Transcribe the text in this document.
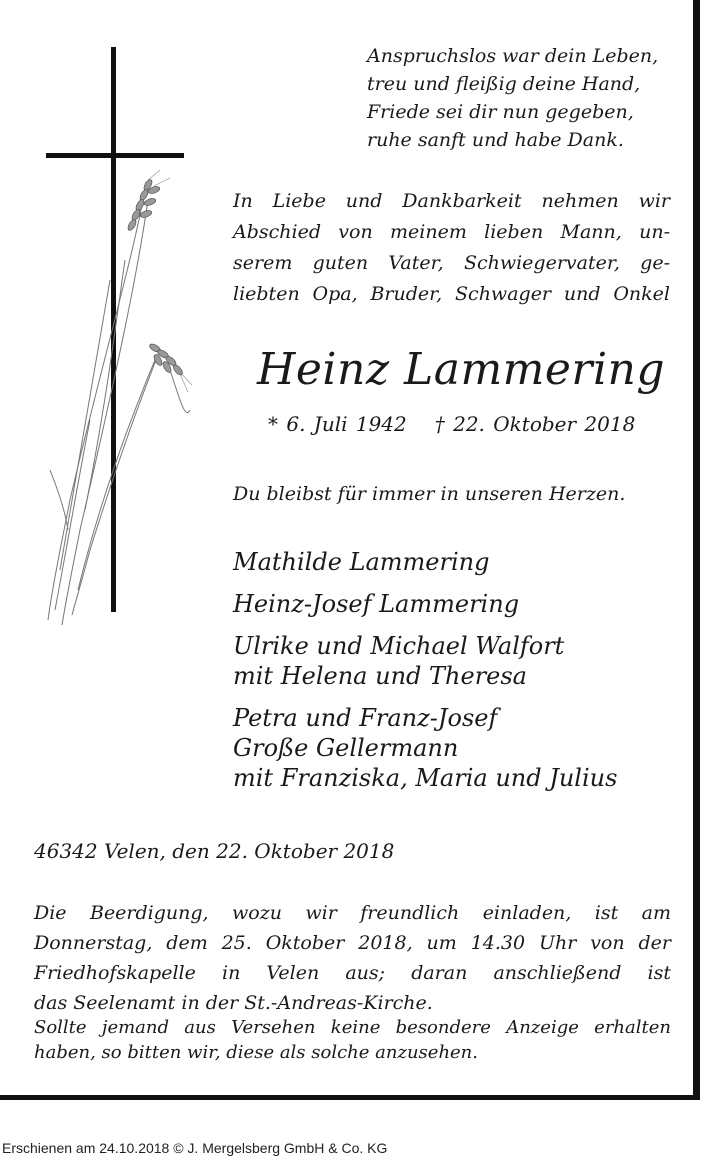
Anspruchslos war dein Leben,
treu und fleißig deine Hand,
Friede sei dir nun gegeben,
ruhe sanft und habe Dank.
In Liebe und Dankbarkeit nehmen wir
Abschied von meinem lieben Mann, un-
serem guten Vater, Schwiegervater, ge-
liebten Opa, Bruder, Schwager und Onkel
Heinz Lammering
* 6. Juli 1942 † 22. Oktober 2018
Du bleibst für immer in unseren Herzen.
Mathilde Lammering
Heinz-Josef Lammering
Ulrike und Michael Walfort
mit Helena und Theresa
Petra und Franz-Josef
Große Gellermann
mit Franziska, Maria und Julius
46342 Velen, den 22. Oktober 2018
Die Beerdigung, wozu wir freundlich einladen, ist am
Donnerstag, dem 25. Oktober 2018, um 14.30 Uhr von der
Friedhofskapelle in Velen aus; daran anschließend ist
das Seelenamt in der St.-Andreas-Kirche.
Sollte jemand aus Versehen keine besondere Anzeige erhalten
haben, so bitten wir, diese als solche anzusehen.
Erschienen am 24.10.2018 © J. Mergelsberg GmbH & Co. KG
